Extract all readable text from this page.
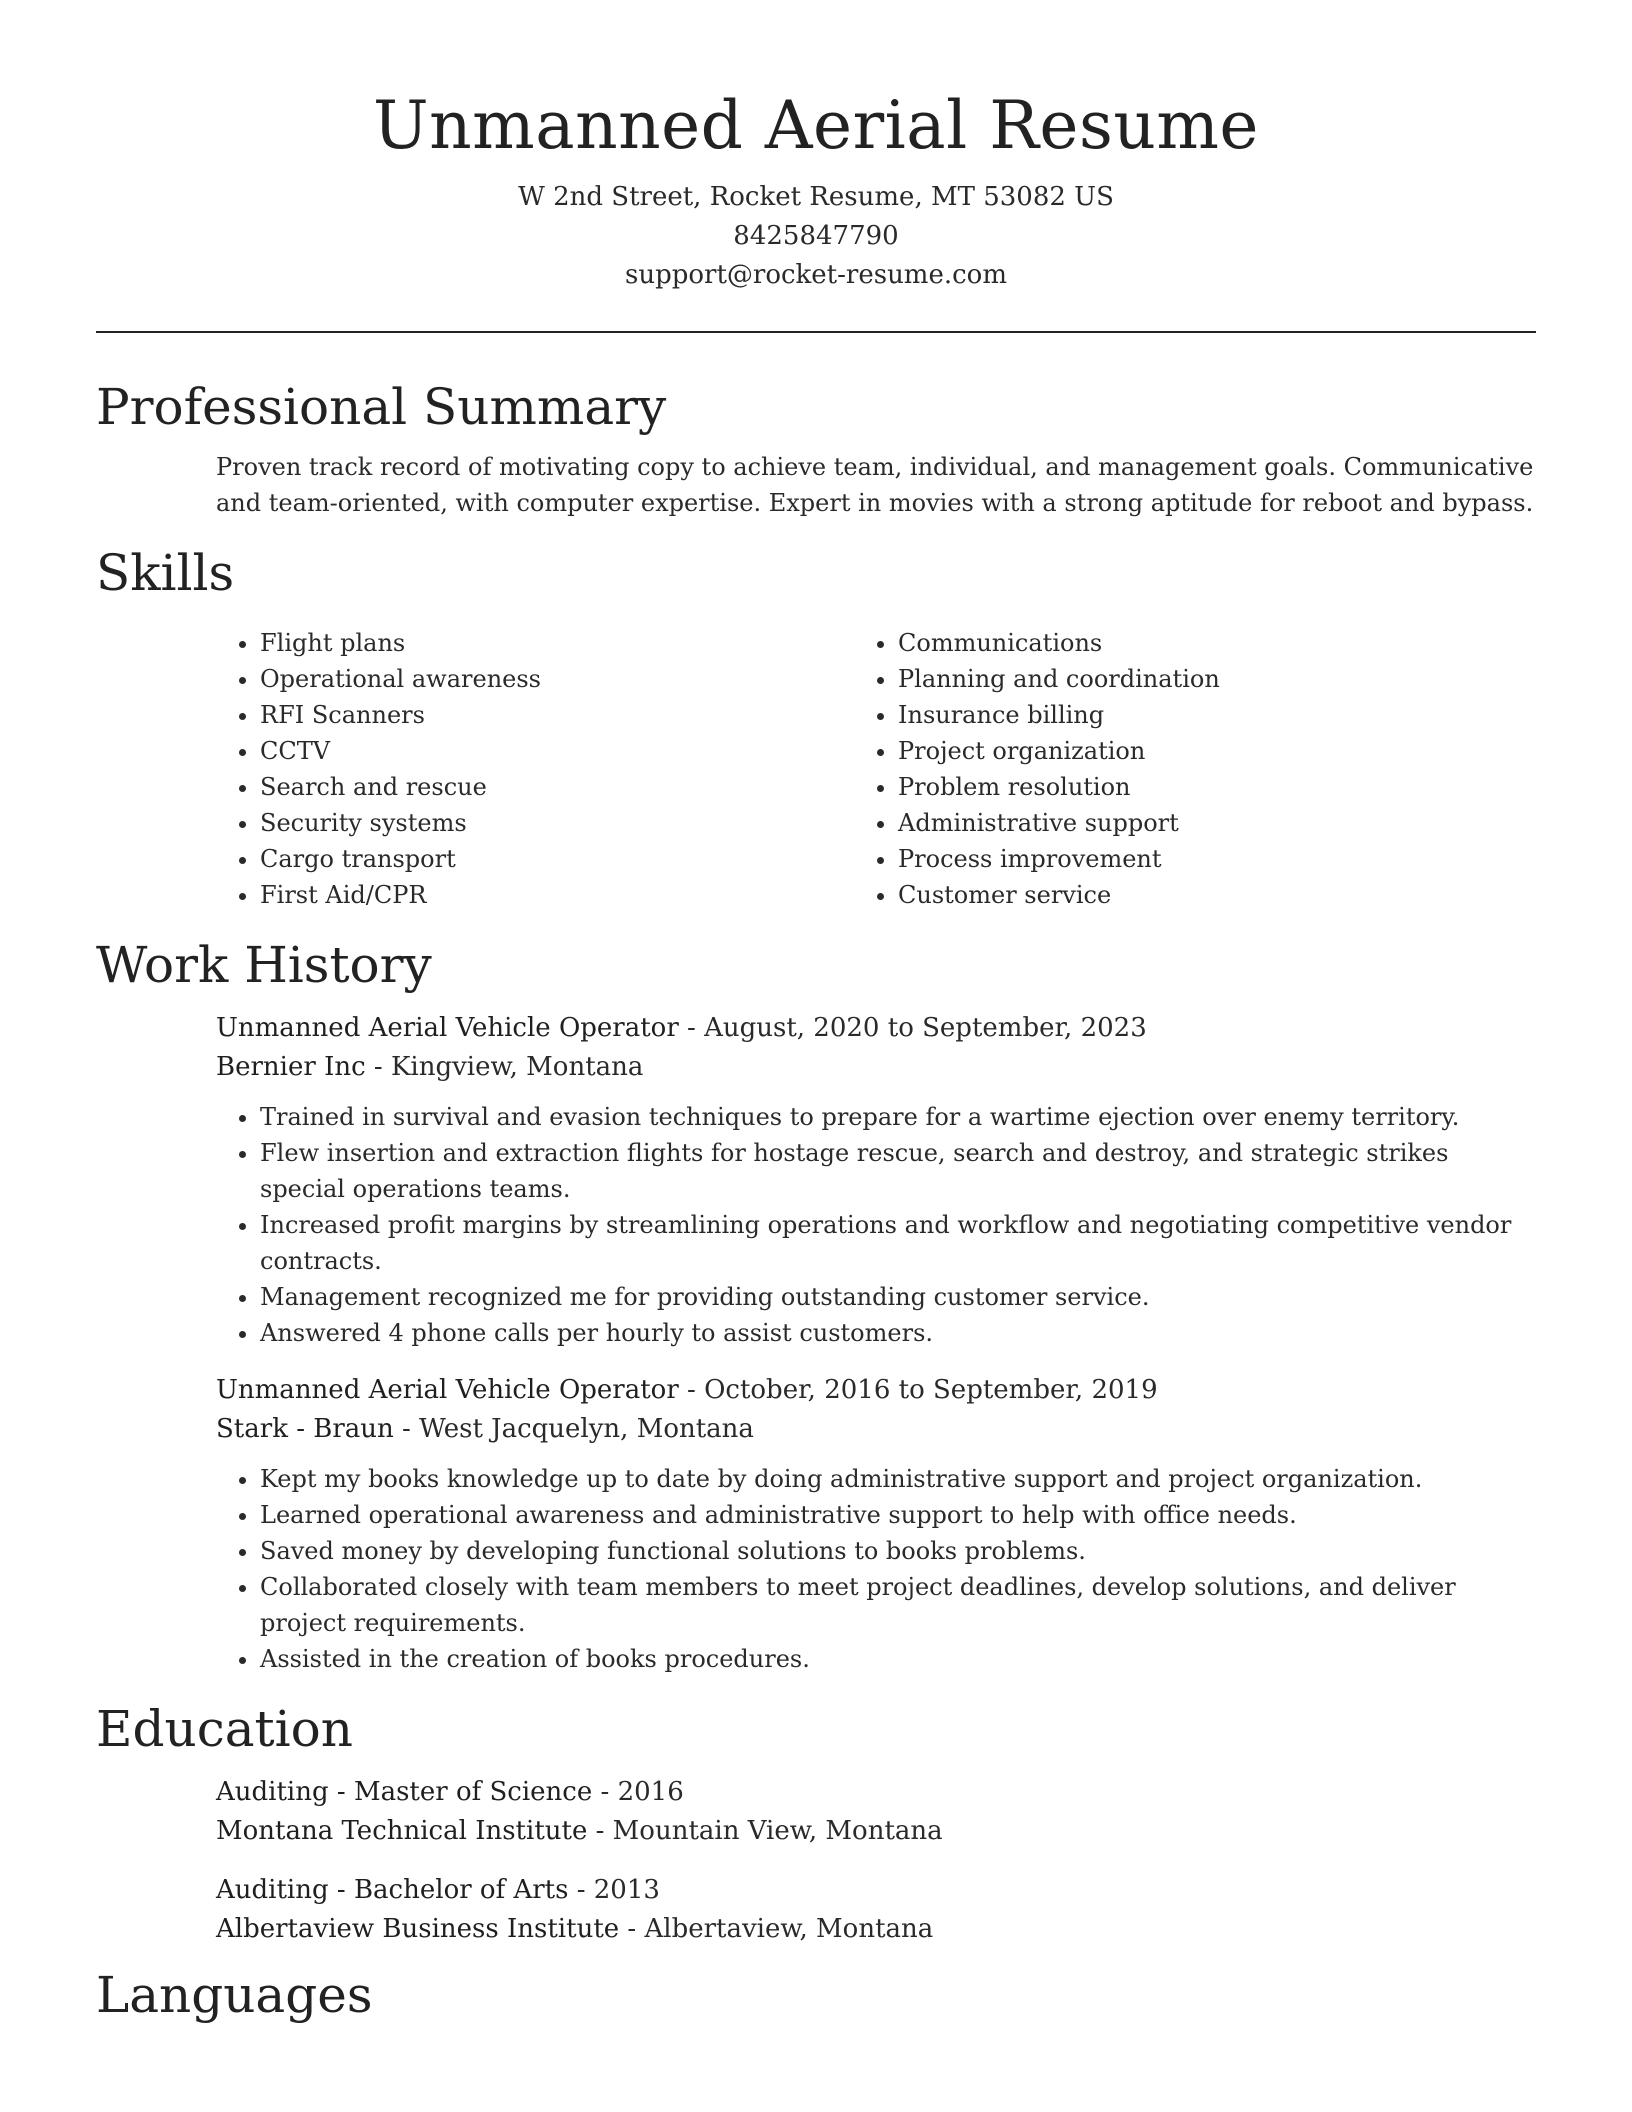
Unmanned Aerial Resume
W 2nd Street, Rocket Resume, MT 53082 US
8425847790
support@rocket-resume.com
Professional Summary
Proven track record of motivating copy to achieve team, individual, and management goals. Communicative and team-oriented, with computer expertise. Expert in movies with a strong aptitude for reboot and bypass.
Skills
• Flight plans
• Operational awareness
• RFI Scanners
• CCTV
• Search and rescue
• Security systems
• Cargo transport
• First Aid/CPR
• Communications
• Planning and coordination
• Insurance billing
• Project organization
• Problem resolution
• Administrative support
• Process improvement
• Customer service
Work History
Unmanned Aerial Vehicle Operator - August, 2020 to September, 2023
Bernier Inc - Kingview, Montana
• Trained in survival and evasion techniques to prepare for a wartime ejection over enemy territory.
• Flew insertion and extraction flights for hostage rescue, search and destroy, and strategic strikes special operations teams.
• Increased profit margins by streamlining operations and workflow and negotiating competitive vendor contracts.
• Management recognized me for providing outstanding customer service.
• Answered 4 phone calls per hourly to assist customers.
Unmanned Aerial Vehicle Operator - October, 2016 to September, 2019
Stark - Braun - West Jacquelyn, Montana
• Kept my books knowledge up to date by doing administrative support and project organization.
• Learned operational awareness and administrative support to help with office needs.
• Saved money by developing functional solutions to books problems.
• Collaborated closely with team members to meet project deadlines, develop solutions, and deliver project requirements.
• Assisted in the creation of books procedures.
Education
Auditing - Master of Science - 2016
Montana Technical Institute - Mountain View, Montana
Auditing - Bachelor of Arts - 2013
Albertaview Business Institute - Albertaview, Montana
Languages
